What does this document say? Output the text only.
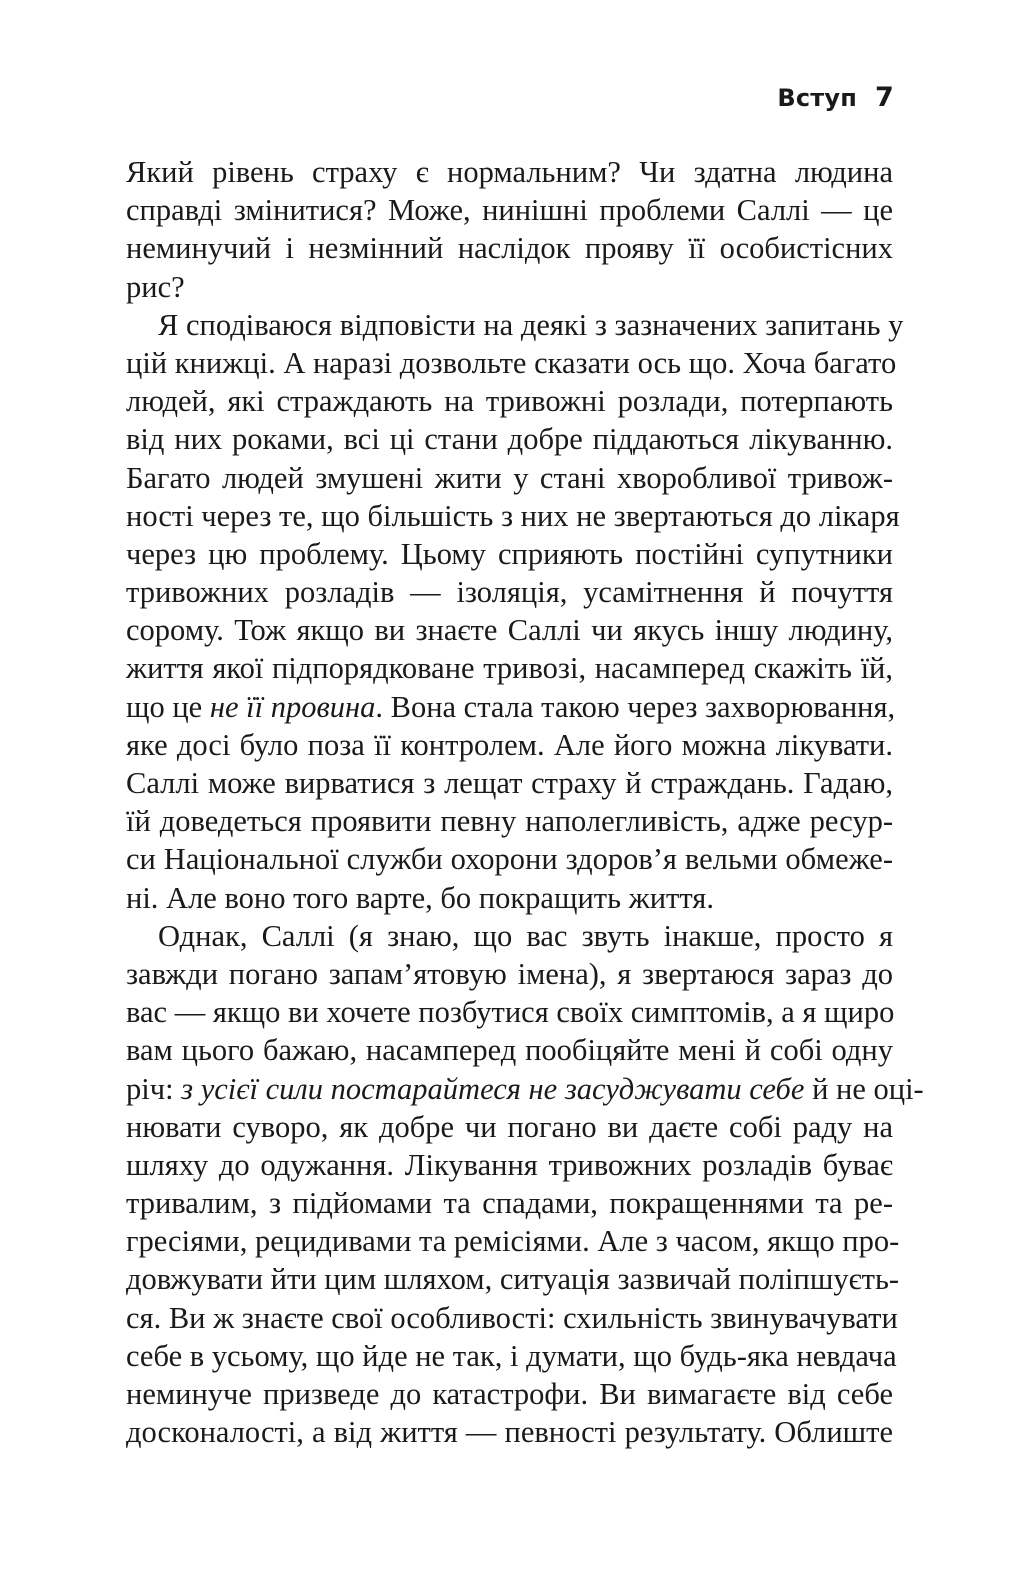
Вступ 7
Який рівень страху є нормальним? Чи здатна людина
справді змінитися? Може, нинішні проблеми Саллі — це
неминучий і незмінний наслідок прояву її особистісних
рис?
Я сподіваюся відповісти на деякі з зазначених запитань у
цій книжці. А наразі дозвольте сказати ось що. Хоча багато
людей, які страждають на тривожні розлади, потерпають
від них роками, всі ці стани добре піддаються лікуванню.
Багато людей змушені жити у стані хворобливої тривож-
ності через те, що більшість з них не звертаються до лікаря
через цю проблему. Цьому сприяють постійні супутники
тривожних розладів — ізоляція, усамітнення й почуття
сорому. Тож якщо ви знаєте Саллі чи якусь іншу людину,
життя якої підпорядковане тривозі, насамперед скажіть їй,
що це не її провина. Вона стала такою через захворювання,
яке досі було поза її контролем. Але його можна лікувати.
Саллі може вирватися з лещат страху й страждань. Гадаю,
їй доведеться проявити певну наполегливість, адже ресур-
си Національної служби охорони здоров’я вельми обмеже-
ні. Але воно того варте, бо покращить життя.
Однак, Саллі (я знаю, що вас звуть інакше, просто я
завжди погано запам’ятовую імена), я звертаюся зараз до
вас — якщо ви хочете позбутися своїх симптомів, а я щиро
вам цього бажаю, насамперед пообіцяйте мені й собі одну
річ: з усієї сили постарайтеся не засуджувати себе й не оці-
нювати суворо, як добре чи погано ви даєте собі раду на
шляху до одужання. Лікування тривожних розладів буває
тривалим, з підйомами та спадами, покращеннями та ре-
гресіями, рецидивами та ремісіями. Але з часом, якщо про-
довжувати йти цим шляхом, ситуація зазвичай поліпшуєть-
ся. Ви ж знаєте свої особливості: схильність звинувачувати
себе в усьому, що йде не так, і думати, що будь-яка невдача
неминуче призведе до катастрофи. Ви вимагаєте від себе
досконалості, а від життя — певності результату. Облиште
